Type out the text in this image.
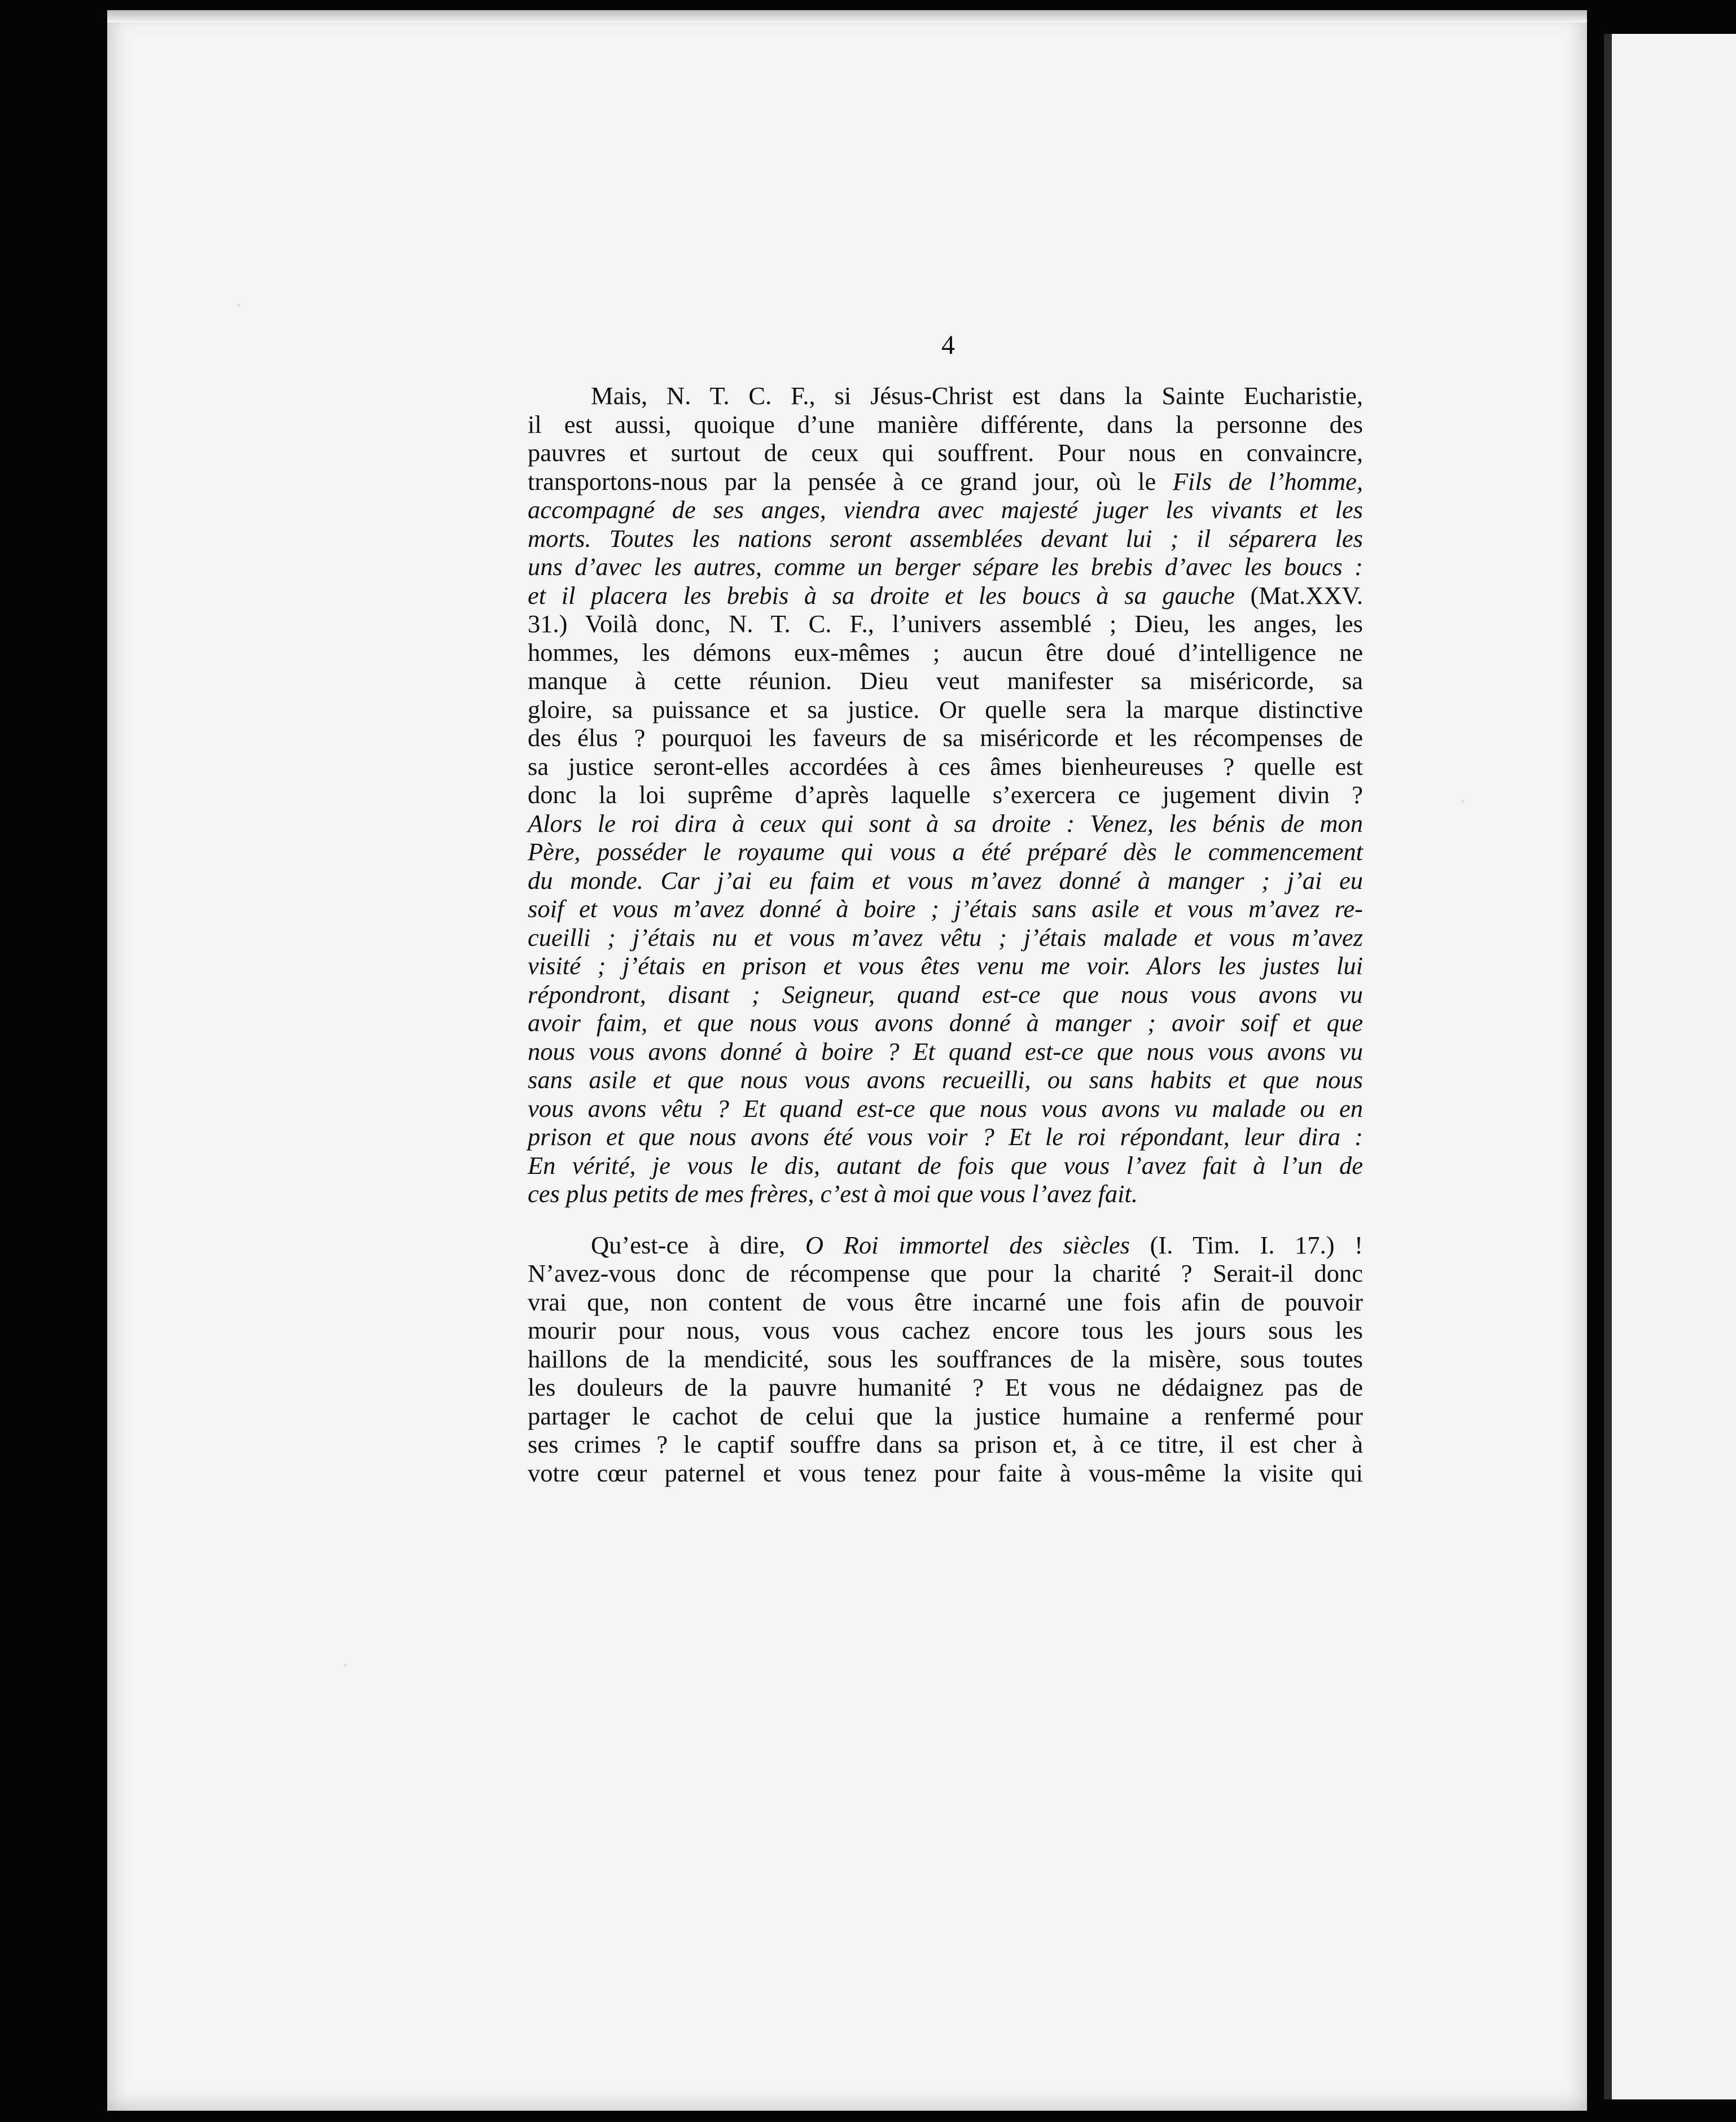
4
Mais, N. T. C. F., si Jésus-Christ est dans la Sainte Eucharistie,
il est aussi, quoique d’une manière différente, dans la personne des
pauvres et surtout de ceux qui souffrent. Pour nous en convaincre,
transportons-nous par la pensée à ce grand jour, où le Fils de l’homme,
accompagné de ses anges, viendra avec majesté juger les vivants et les
morts. Toutes les nations seront assemblées devant lui ; il séparera les
uns d’avec les autres, comme un berger sépare les brebis d’avec les boucs :
et il placera les brebis à sa droite et les boucs à sa gauche (Mat.XXV.
31.) Voilà donc, N. T. C. F., l’univers assemblé ; Dieu, les anges, les
hommes, les démons eux-mêmes ; aucun être doué d’intelligence ne
manque à cette réunion. Dieu veut manifester sa miséricorde, sa
gloire, sa puissance et sa justice. Or quelle sera la marque distinctive
des élus ? pourquoi les faveurs de sa miséricorde et les récompenses de
sa justice seront-elles accordées à ces âmes bienheureuses ? quelle est
donc la loi suprême d’après laquelle s’exercera ce jugement divin ?
Alors le roi dira à ceux qui sont à sa droite : Venez, les bénis de mon
Père, posséder le royaume qui vous a été préparé dès le commencement
du monde. Car j’ai eu faim et vous m’avez donné à manger ; j’ai eu
soif et vous m’avez donné à boire ; j’étais sans asile et vous m’avez re-
cueilli ; j’étais nu et vous m’avez vêtu ; j’étais malade et vous m’avez
visité ; j’étais en prison et vous êtes venu me voir. Alors les justes lui
répondront, disant ; Seigneur, quand est-ce que nous vous avons vu
avoir faim, et que nous vous avons donné à manger ; avoir soif et que
nous vous avons donné à boire ? Et quand est-ce que nous vous avons vu
sans asile et que nous vous avons recueilli, ou sans habits et que nous
vous avons vêtu ? Et quand est-ce que nous vous avons vu malade ou en
prison et que nous avons été vous voir ? Et le roi répondant, leur dira :
En vérité, je vous le dis, autant de fois que vous l’avez fait à l’un de
ces plus petits de mes frères, c’est à moi que vous l’avez fait.
Qu’est-ce à dire, O Roi immortel des siècles (I. Tim. I. 17.) !
N’avez-vous donc de récompense que pour la charité ? Serait-il donc
vrai que, non content de vous être incarné une fois afin de pouvoir
mourir pour nous, vous vous cachez encore tous les jours sous les
haillons de la mendicité, sous les souffrances de la misère, sous toutes
les douleurs de la pauvre humanité ? Et vous ne dédaignez pas de
partager le cachot de celui que la justice humaine a renfermé pour
ses crimes ? le captif souffre dans sa prison et, à ce titre, il est cher à
votre cœur paternel et vous tenez pour faite à vous-même la visite qui
